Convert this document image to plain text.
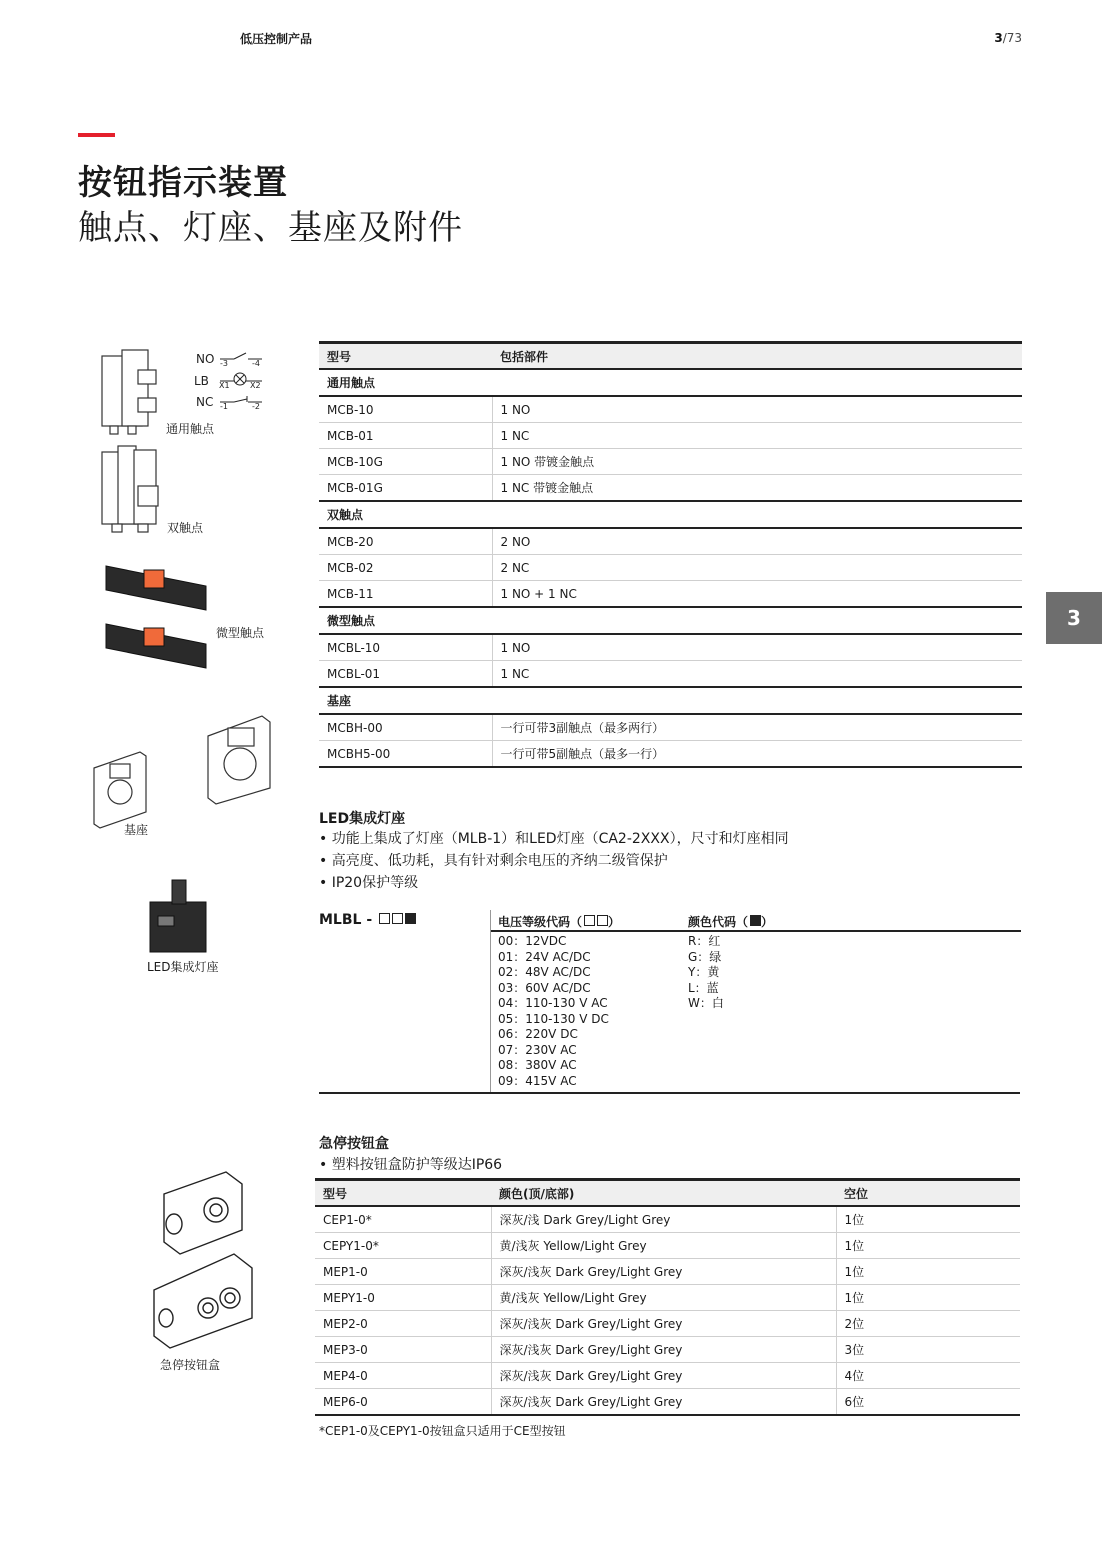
低压控制产品	3/73
按钮指示装置
触点、灯座、基座及附件
3
NO
LB
NC
-3	-4
X1	X2
-1	-2
通用触点
双触点
微型触点
基座
LED集成灯座
急停按钮盒
型号	包括部件
通用触点	
MCB-10	1 NO
MCB-01	1 NC
MCB-10G	1 NO 带镀金触点
MCB-01G	1 NC 带镀金触点
双触点	
MCB-20	2 NO
MCB-02	2 NC
MCB-11	1 NO + 1 NC
微型触点	
MCBL-10	1 NO
MCBL-01	1 NC
基座	
MCBH-00	一行可带3副触点（最多两行）
MCBH5-00	一行可带5副触点（最多一行）
LED集成灯座
• 功能上集成了灯座（MLB-1）和LED灯座（CA2-2XXX），尺寸和灯座相同
• 高亮度、低功耗，具有针对剩余电压的齐纳二级管保护
• IP20保护等级
MLBL -	电压等级代码（ ）	颜色代码（ ）
00：12VDC
01：24V AC/DC
02：48V AC/DC
03：60V AC/DC
04：110-130 V AC
05：110-130 V DC
06：220V DC
07：230V AC
08：380V AC
09：415V AC
R：红
G：绿
Y：黄
L：蓝
W：白
急停按钮盒
• 塑料按钮盒防护等级达IP66
型号	颜色(顶/底部)	空位
CEP1-0*	深灰/浅 Dark Grey/Light Grey	1位
CEPY1-0*	黄/浅灰 Yellow/Light Grey	1位
MEP1-0	深灰/浅灰 Dark Grey/Light Grey	1位
MEPY1-0	黄/浅灰 Yellow/Light Grey	1位
MEP2-0	深灰/浅灰 Dark Grey/Light Grey	2位
MEP3-0	深灰/浅灰 Dark Grey/Light Grey	3位
MEP4-0	深灰/浅灰 Dark Grey/Light Grey	4位
MEP6-0	深灰/浅灰 Dark Grey/Light Grey	6位
*CEP1-0及CEPY1-0按钮盒只适用于CE型按钮
